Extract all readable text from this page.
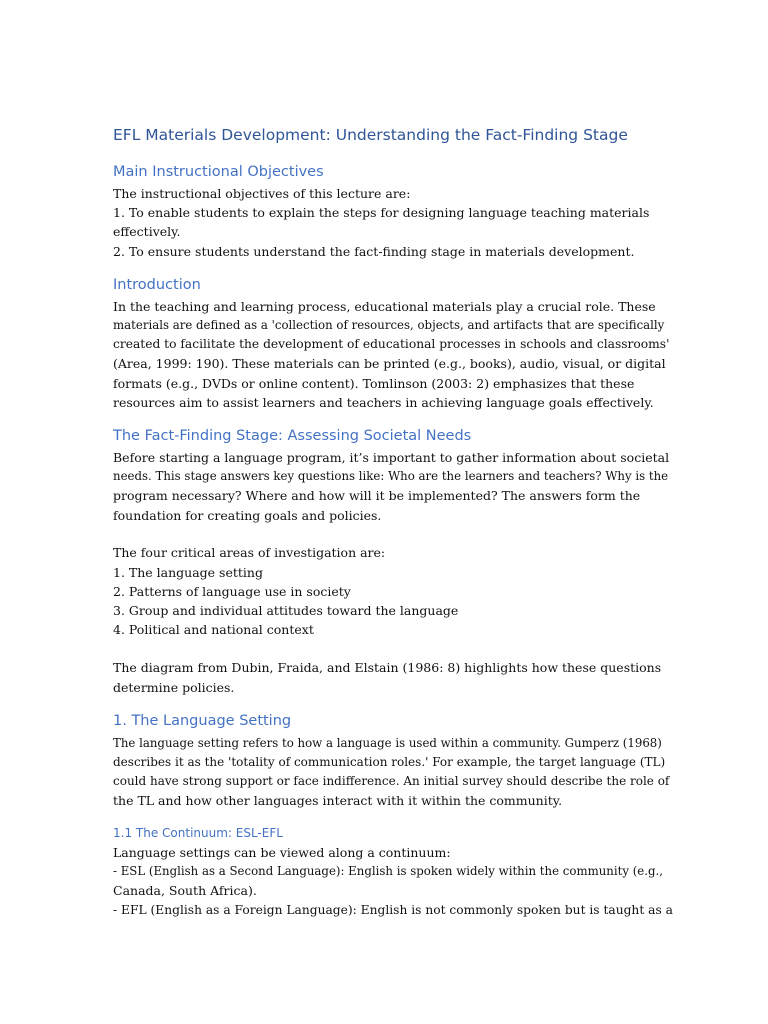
EFL Materials Development: Understanding the Fact-Finding Stage
Main Instructional Objectives

The instructional objectives of this lecture are:

1. To enable students to explain the steps for designing language teaching materials

effectively.

2. To ensure students understand the fact-finding stage in materials development.

Introduction

In the teaching and learning process, educational materials play a crucial role. These

materials are defined as a 'collection of resources, objects, and artifacts that are specifically

created to facilitate the development of educational processes in schools and classrooms'

(Area, 1999: 190). These materials can be printed (e.g., books), audio, visual, or digital

formats (e.g., DVDs or online content). Tomlinson (2003: 2) emphasizes that these

resources aim to assist learners and teachers in achieving language goals effectively.

The Fact-Finding Stage: Assessing Societal Needs

Before starting a language program, it’s important to gather information about societal

needs. This stage answers key questions like: Who are the learners and teachers? Why is the

program necessary? Where and how will it be implemented? The answers form the

foundation for creating goals and policies.

The four critical areas of investigation are:

1. The language setting

2. Patterns of language use in society

3. Group and individual attitudes toward the language

4. Political and national context

The diagram from Dubin, Fraida, and Elstain (1986: 8) highlights how these questions

determine policies.

1. The Language Setting

The language setting refers to how a language is used within a community. Gumperz (1968)

describes it as the 'totality of communication roles.' For example, the target language (TL)

could have strong support or face indifference. An initial survey should describe the role of

the TL and how other languages interact with it within the community.

1.1 The Continuum: ESL-EFL

Language settings can be viewed along a continuum:

- ESL (English as a Second Language): English is spoken widely within the community (e.g.,

Canada, South Africa).

- EFL (English as a Foreign Language): English is not commonly spoken but is taught as a
